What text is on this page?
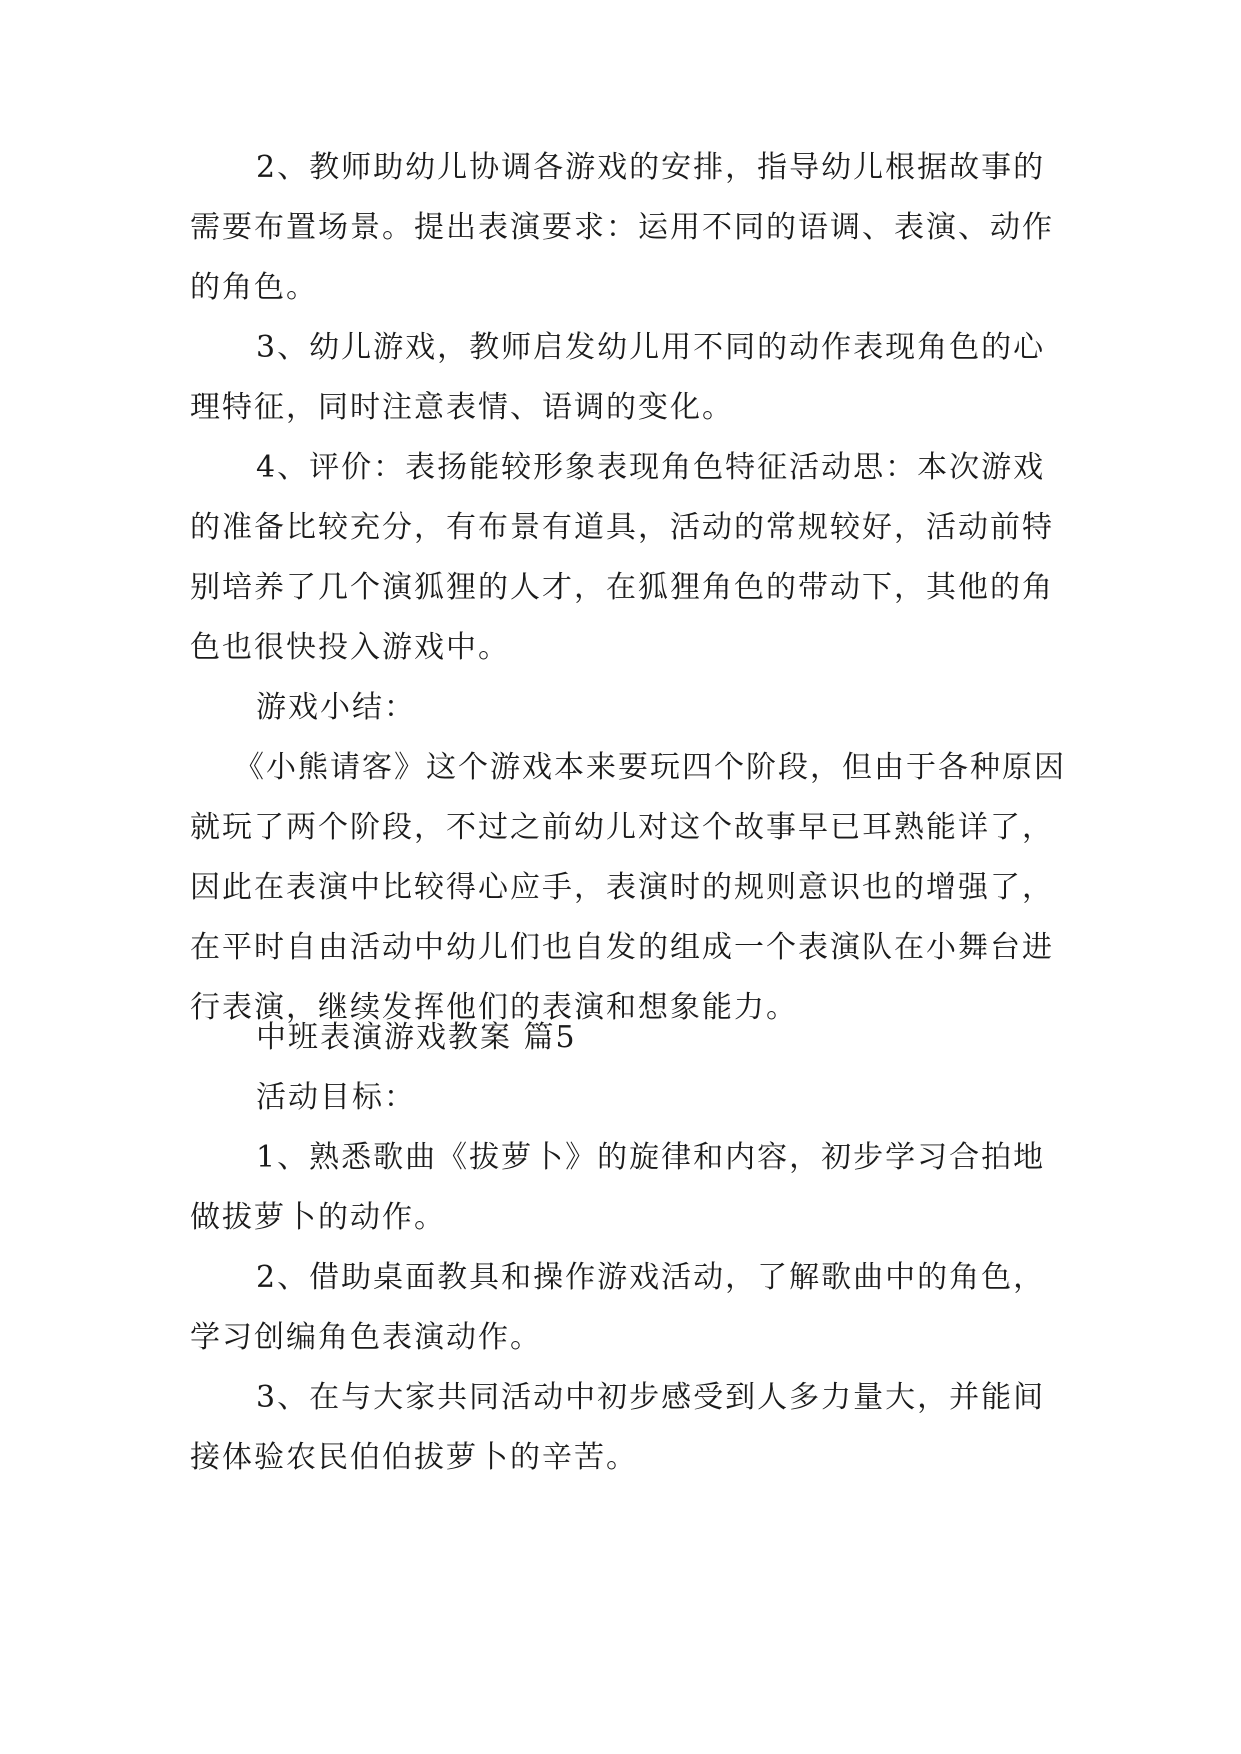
2、教师助幼儿协调各游戏的安排，指导幼儿根据故事的需要布置场景。提出表演要求：运用不同的语调、表演、动作的角色。

3、幼儿游戏，教师启发幼儿用不同的动作表现角色的心理特征，同时注意表情、语调的变化。

4、评价：表扬能较形象表现角色特征活动思：本次游戏的准备比较充分，有布景有道具，活动的常规较好，活动前特别培养了几个演狐狸的人才，在狐狸角色的带动下，其他的角色也很快投入游戏中。

游戏小结：

《小熊请客》这个游戏本来要玩四个阶段，但由于各种原因就玩了两个阶段，不过之前幼儿对这个故事早已耳熟能详了，因此在表演中比较得心应手，表演时的规则意识也的增强了，在平时自由活动中幼儿们也自发的组成一个表演队在小舞台进行表演，继续发挥他们的表演和想象能力。

中班表演游戏教案 篇5

活动目标：

1、熟悉歌曲《拔萝卜》的旋律和内容，初步学习合拍地做拔萝卜的动作。

2、借助桌面教具和操作游戏活动，了解歌曲中的角色，学习创编角色表演动作。

3、在与大家共同活动中初步感受到人多力量大，并能间接体验农民伯伯拔萝卜的辛苦。
